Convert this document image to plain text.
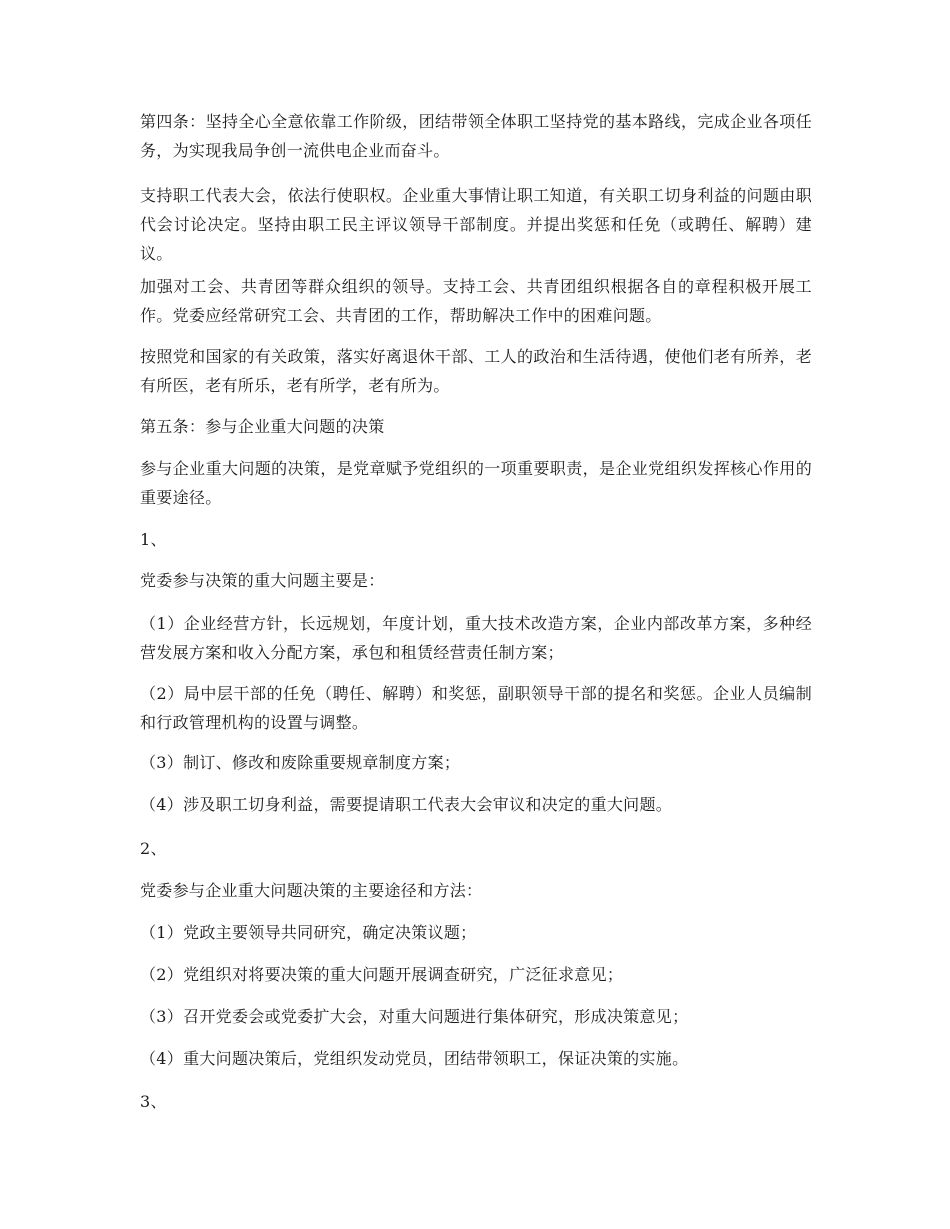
第四条：坚持全心全意依靠工作阶级，团结带领全体职工坚持党的基本路线，完成企业各项任务，为实现我局争创一流供电企业而奋斗。

支持职工代表大会，依法行使职权。企业重大事情让职工知道，有关职工切身利益的问题由职代会讨论决定。坚持由职工民主评议领导干部制度。并提出奖惩和任免（或聘任、解聘）建议。

加强对工会、共青团等群众组织的领导。支持工会、共青团组织根据各自的章程积极开展工作。党委应经常研究工会、共青团的工作，帮助解决工作中的困难问题。

按照党和国家的有关政策，落实好离退休干部、工人的政治和生活待遇，使他们老有所养，老有所医，老有所乐，老有所学，老有所为。

第五条：参与企业重大问题的决策

参与企业重大问题的决策，是党章赋予党组织的一项重要职责，是企业党组织发挥核心作用的重要途径。

1、

党委参与决策的重大问题主要是：

（1）企业经营方针，长远规划，年度计划，重大技术改造方案，企业内部改革方案，多种经营发展方案和收入分配方案，承包和租赁经营责任制方案；

（2）局中层干部的任免（聘任、解聘）和奖惩，副职领导干部的提名和奖惩。企业人员编制和行政管理机构的设置与调整。

（3）制订、修改和废除重要规章制度方案；

（4）涉及职工切身利益，需要提请职工代表大会审议和决定的重大问题。

2、

党委参与企业重大问题决策的主要途径和方法：

（1）党政主要领导共同研究，确定决策议题；

（2）党组织对将要决策的重大问题开展调查研究，广泛征求意见；

（3）召开党委会或党委扩大会，对重大问题进行集体研究，形成决策意见；

（4）重大问题决策后，党组织发动党员，团结带领职工，保证决策的实施。

3、
